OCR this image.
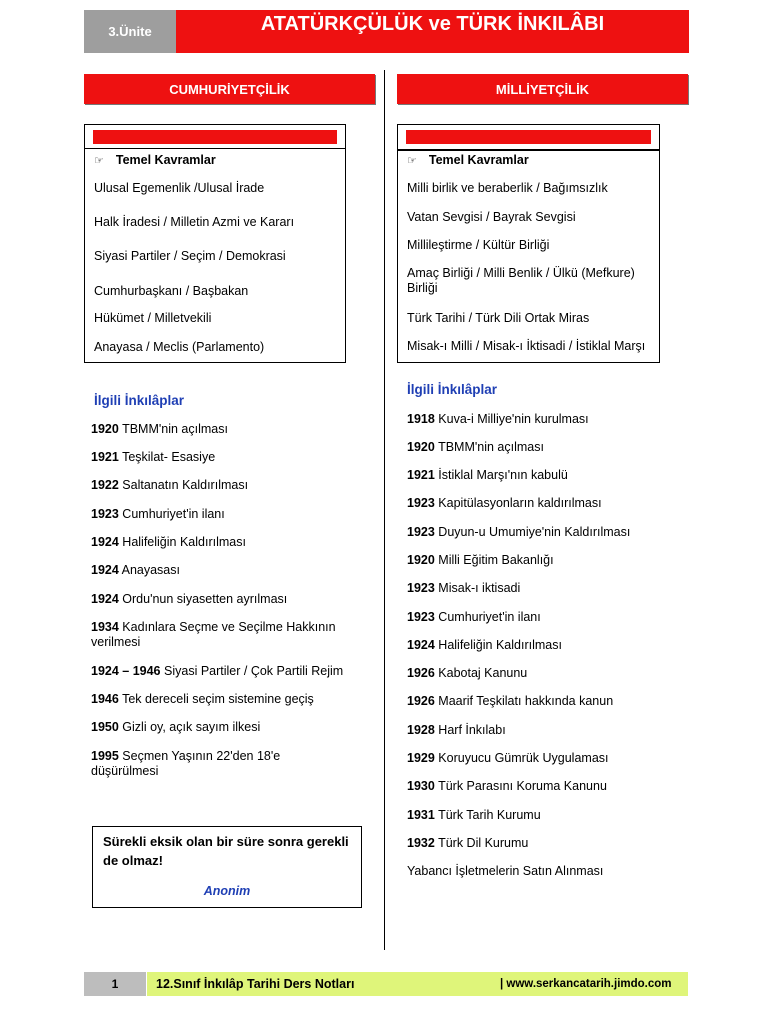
3.Ünite	ATATÜRKÇÜLÜK ve TÜRK İNKILÂBI
CUMHURİYETÇİLİK	MİLLİYETÇİLİK
☞ Temel Kavramlar
Ulusal Egemenlik /Ulusal İrade
Halk İradesi / Milletin Azmi ve Kararı
Siyasi Partiler / Seçim / Demokrasi
Cumhurbaşkanı / Başbakan
Hükümet / Milletvekili
Anayasa / Meclis (Parlamento)
☞ Temel Kavramlar
Milli birlik ve beraberlik / Bağımsızlık
Vatan Sevgisi / Bayrak Sevgisi
Millileştirme / Kültür Birliği
Amaç Birliği / Milli Benlik / Ülkü (Mefkure) Birliği
Türk Tarihi / Türk Dili Ortak Miras
Misak-ı Milli / Misak-ı İktisadi / İstiklal Marşı
İlgili İnkılâplar
1920 TBMM'nin açılması
1921 Teşkilat- Esasiye
1922 Saltanatın Kaldırılması
1923 Cumhuriyet'in ilanı
1924 Halifeliğin Kaldırılması
1924 Anayasası
1924 Ordu'nun siyasetten ayrılması
1934 Kadınlara Seçme ve Seçilme Hakkının verilmesi
1924 – 1946 Siyasi Partiler / Çok Partili Rejim
1946 Tek dereceli seçim sistemine geçiş
1950 Gizli oy, açık sayım ilkesi
1995 Seçmen Yaşının 22'den 18'e düşürülmesi
Sürekli eksik olan bir süre sonra gerekli de olmaz!
Anonim
İlgili İnkılâplar
1918 Kuva-i Milliye'nin kurulması
1920 TBMM'nin açılması
1921 İstiklal Marşı'nın kabulü
1923 Kapitülasyonların kaldırılması
1923 Duyun-u Umumiye'nin Kaldırılması
1920 Milli Eğitim Bakanlığı
1923 Misak-ı iktisadi
1923 Cumhuriyet'in ilanı
1924 Halifeliğin Kaldırılması
1926 Kabotaj Kanunu
1926 Maarif Teşkilatı hakkında kanun
1928 Harf İnkılabı
1929 Koruyucu Gümrük Uygulaması
1930 Türk Parasını Koruma Kanunu
1931 Türk Tarih Kurumu
1932 Türk Dil Kurumu
Yabancı İşletmelerin Satın Alınması
1	12.Sınıf İnkılâp Tarihi Ders Notları	| www.serkancatarih.jimdo.com
